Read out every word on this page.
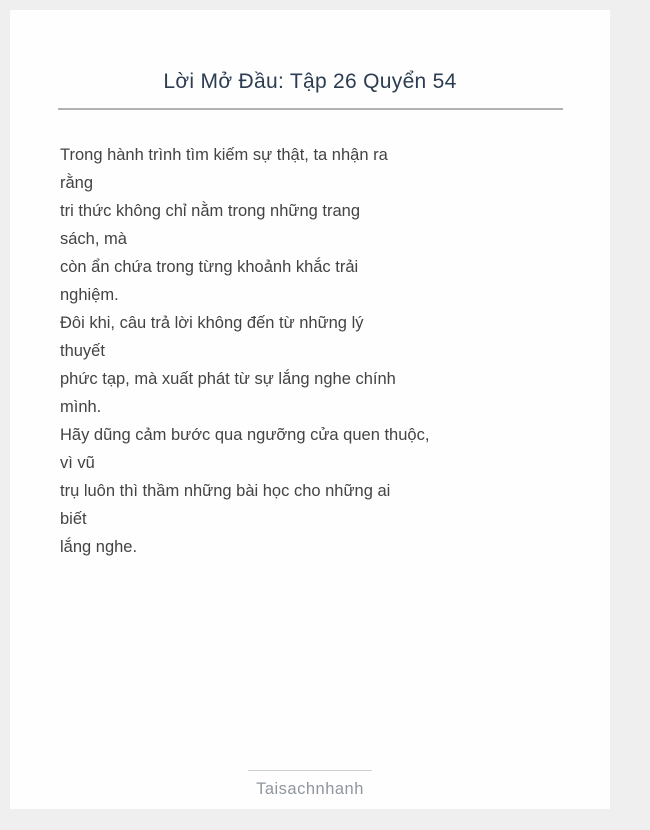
Lời Mở Đầu: Tập 26 Quyển 54
Trong hành trình tìm kiếm sự thật, ta nhận ra
rằng
tri thức không chỉ nằm trong những trang
sách, mà
còn ẩn chứa trong từng khoảnh khắc trải
nghiệm.
Đôi khi, câu trả lời không đến từ những lý
thuyết
phức tạp, mà xuất phát từ sự lắng nghe chính
mình.
Hãy dũng cảm bước qua ngưỡng cửa quen thuộc,
vì vũ
trụ luôn thì thầm những bài học cho những ai
biết
lắng nghe.
Taisachnhanh
